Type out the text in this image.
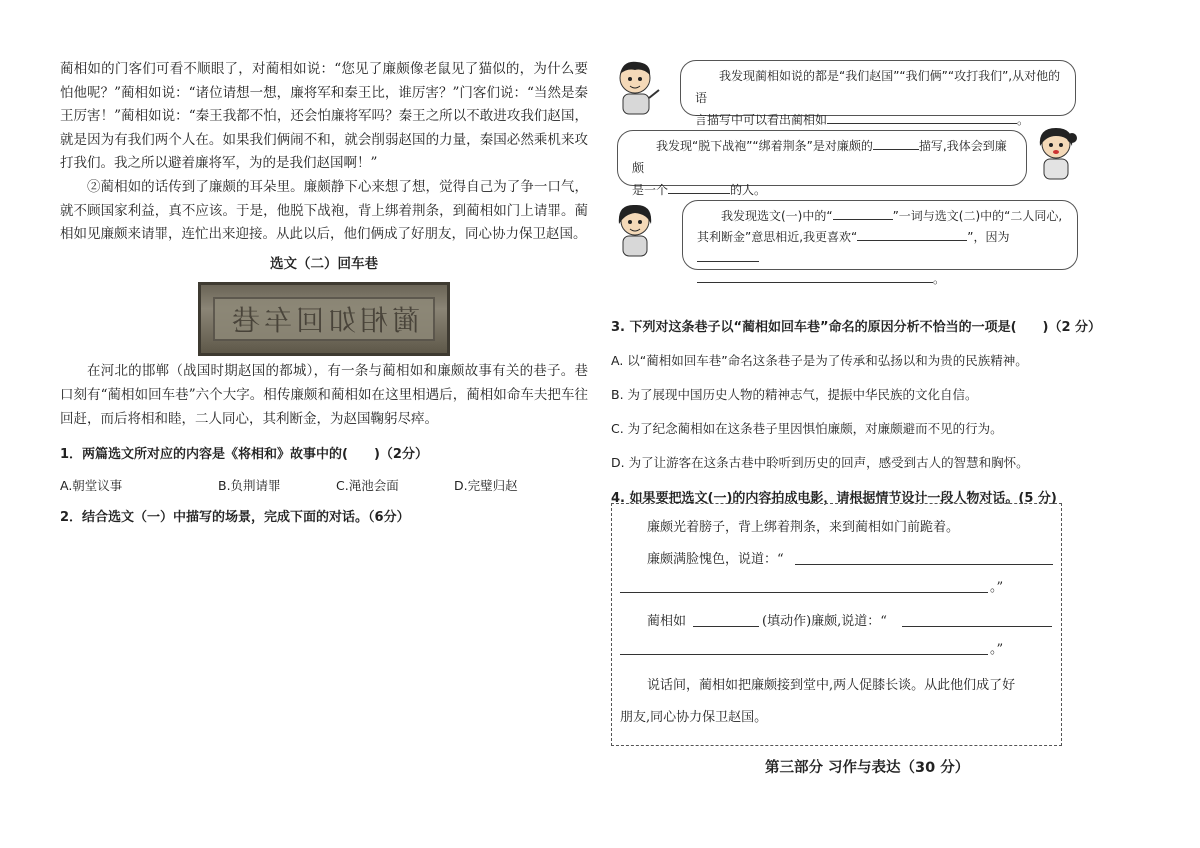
蔺相如的门客们可看不顺眼了，对蔺相如说：“您见了廉颇像老鼠见了猫似的，为什么要怕他呢？”蔺相如说：“诸位请想一想，廉将军和秦王比，谁厉害？”门客们说：“当然是秦王厉害！”蔺相如说：“秦王我都不怕，还会怕廉将军吗？秦王之所以不敢进攻我们赵国，就是因为有我们两个人在。如果我们俩闹不和，就会削弱赵国的力量，秦国必然乘机来攻打我们。我之所以避着廉将军，为的是我们赵国啊！”

②蔺相如的话传到了廉颇的耳朵里。廉颇静下心来想了想，觉得自己为了争一口气，就不顾国家利益，真不应该。于是，他脱下战袍，背上绑着荆条，到蔺相如门上请罪。蔺相如见廉颇来请罪，连忙出来迎接。从此以后，他们俩成了好朋友，同心协力保卫赵国。

选文（二）回车巷

蔺相如回车巷

在河北的邯郸（战国时期赵国的都城），有一条与蔺相如和廉颇故事有关的巷子。巷口刻有“蔺相如回车巷”六个大字。相传廉颇和蔺相如在这里相遇后，蔺相如命车夫把车往回赶，而后将相和睦，二人同心，其利断金，为赵国鞠躬尽瘁。

1．两篇选文所对应的内容是《将相和》故事中的(　　)（2分）

A.朝堂议事	B.负荆请罪	C.渑池会面	D.完璧归赵

2．结合选文（一）中描写的场景，完成下面的对话。（6分）

我发现蔺相如说的都是“我们赵国”“我们俩”“攻打我们”,从对他的语
言描写中可以看出蔺相如	。
我发现“脱下战袍”“绑着荆条”是对廉颇的	描写,我体会到廉颇
是一个	的人。
我发现选文(一)中的“	”一词与选文(二)中的“二人同心,
其利断金”意思相近,我更喜欢“	”，因为
。

3. 下列对这条巷子以“蔺相如回车巷”命名的原因分析不恰当的一项是(　　)（2 分）

A. 以“蔺相如回车巷”命名这条巷子是为了传承和弘扬以和为贵的民族精神。

B. 为了展现中国历史人物的精神志气，提振中华民族的文化自信。

C. 为了纪念蔺相如在这条巷子里因惧怕廉颇，对廉颇避而不见的行为。

D. 为了让游客在这条古巷中聆听到历史的回声，感受到古人的智慧和胸怀。

4. 如果要把选文(一)的内容拍成电影，请根据情节设计一段人物对话。(5 分)

廉颇光着膀子，背上绑着荆条，来到蔺相如门前跪着。
廉颇满脸愧色，说道：“
。”
蔺相如	(填动作)廉颇,说道：“
。”
说话间，蔺相如把廉颇接到堂中,两人促膝长谈。从此他们成了好
朋友,同心协力保卫赵国。
第三部分 习作与表达（30 分）
